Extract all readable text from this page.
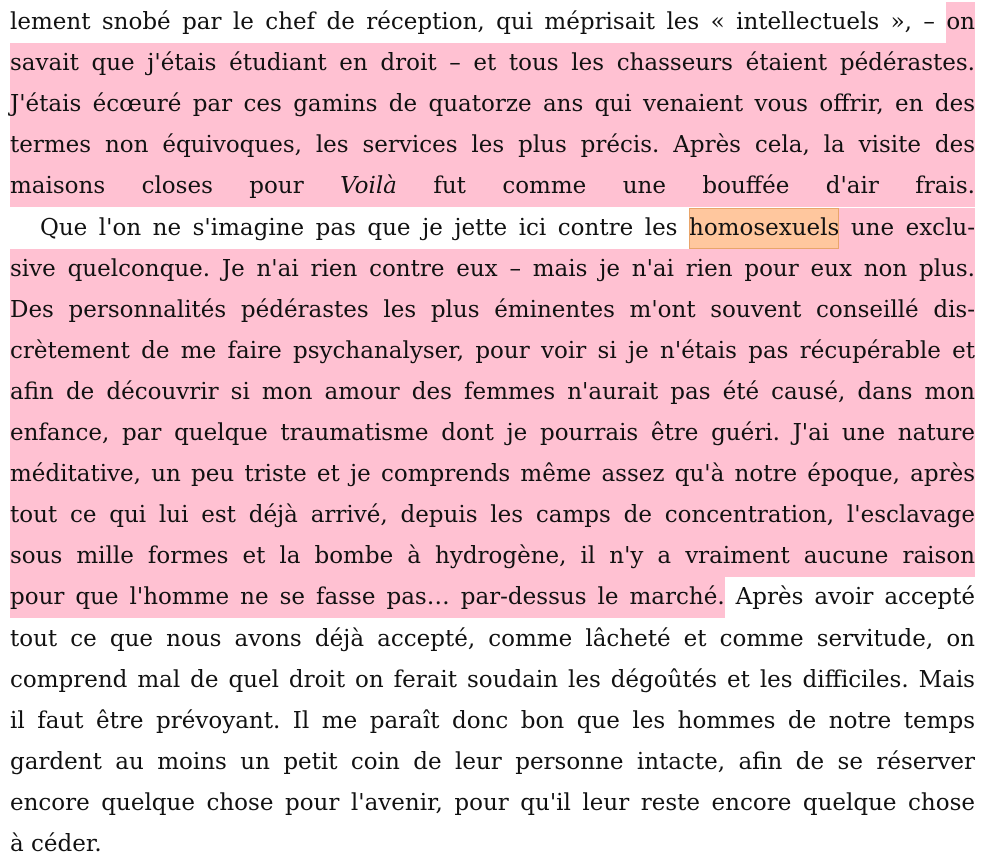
lement snobé par le chef de réception, qui méprisait les « intellectuels », – on
savait que j'étais étudiant en droit – et tous les chasseurs étaient pédérastes.
J'étais écœuré par ces gamins de quatorze ans qui venaient vous offrir, en des
termes non équivoques, les services les plus précis. Après cela, la visite des
maisons closes pour Voilà fut comme une bouffée d'air frais.
Que l'on ne s'imagine pas que je jette ici contre les homosexuels une exclu-
sive quelconque. Je n'ai rien contre eux – mais je n'ai rien pour eux non plus.
Des personnalités pédérastes les plus éminentes m'ont souvent conseillé dis-
crètement de me faire psychanalyser, pour voir si je n'étais pas récupérable et
afin de découvrir si mon amour des femmes n'aurait pas été causé, dans mon
enfance, par quelque traumatisme dont je pourrais être guéri. J'ai une nature
méditative, un peu triste et je comprends même assez qu'à notre époque, après
tout ce qui lui est déjà arrivé, depuis les camps de concentration, l'esclavage
sous mille formes et la bombe à hydrogène, il n'y a vraiment aucune raison
pour que l'homme ne se fasse pas… par-dessus le marché. Après avoir accepté
tout ce que nous avons déjà accepté, comme lâcheté et comme servitude, on
comprend mal de quel droit on ferait soudain les dégoûtés et les difficiles. Mais
il faut être prévoyant. Il me paraît donc bon que les hommes de notre temps
gardent au moins un petit coin de leur personne intacte, afin de se réserver
encore quelque chose pour l'avenir, pour qu'il leur reste encore quelque chose
à céder.
